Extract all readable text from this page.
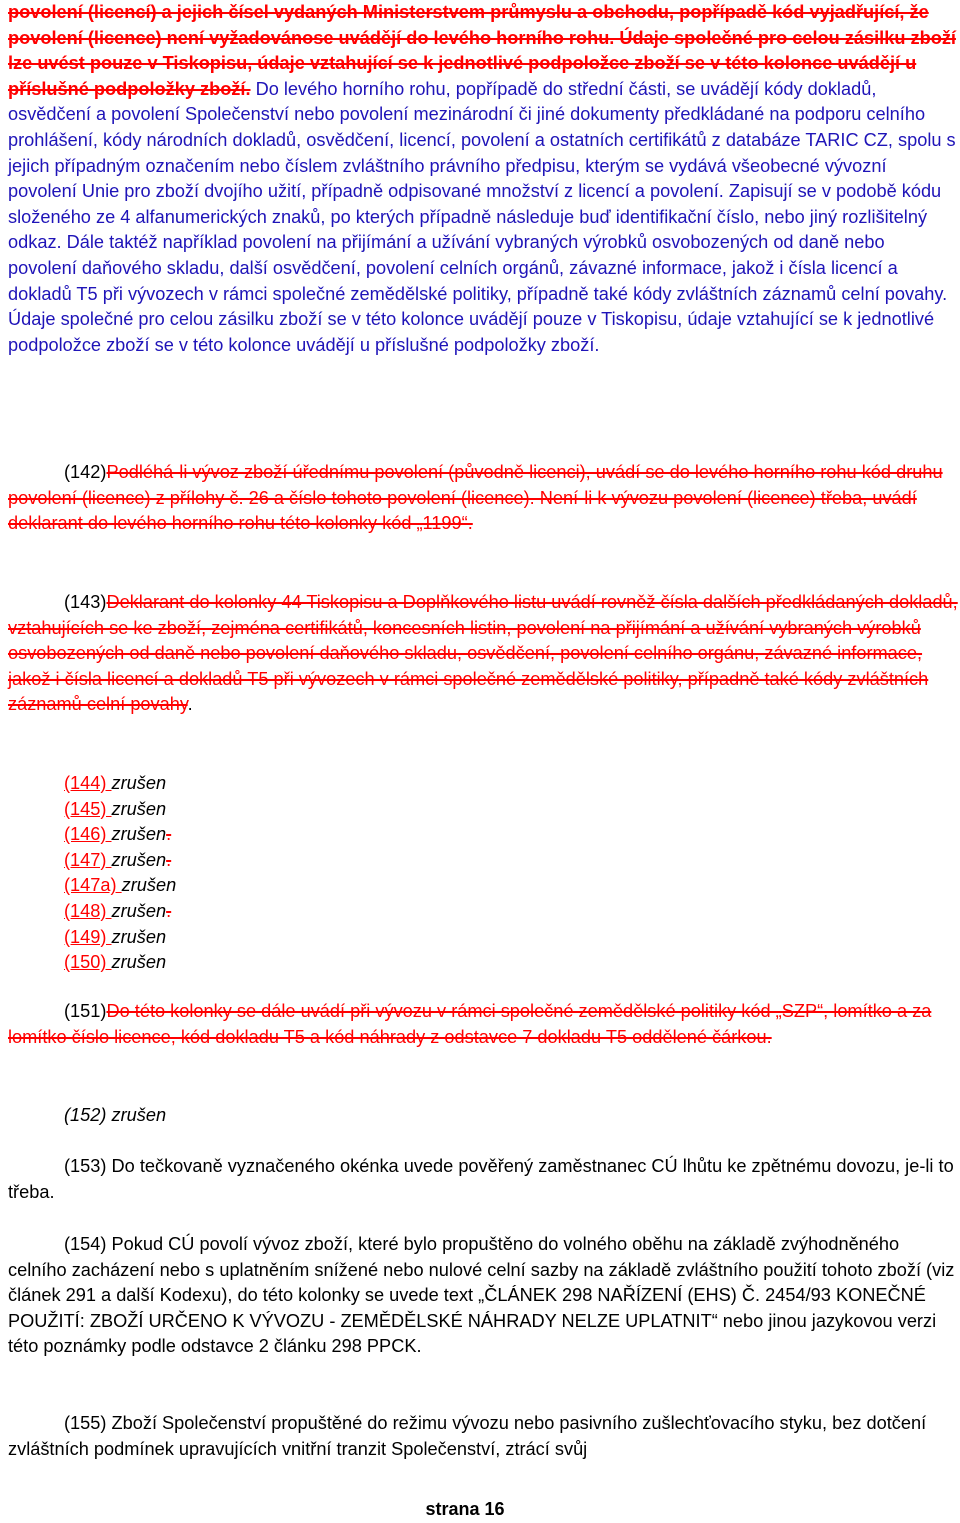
povolení (licencí) a jejich čísel vydaných Ministerstvem průmyslu a obchodu, popřípadě kód vyjadřující, že povolení (licence) není vyžadovánose uvádějí do levého horního rohu. Údaje společné pro celou zásilku zboží lze uvést pouze v Tiskopisu, údaje vztahující se k jednotlivé podpoložce zboží se v této kolonce uvádějí u příslušné podpoložky zboží. Do levého horního rohu, popřípadě do střední části, se uvádějí kódy dokladů, osvědčení a povolení Společenství nebo povolení mezinárodní či jiné dokumenty předkládané na podporu celního prohlášení, kódy národních dokladů, osvědčení, licencí, povolení a ostatních certifikátů z databáze TARIC CZ, spolu s jejich případným označením nebo číslem zvláštního právního předpisu, kterým se vydává všeobecné vývozní povolení Unie pro zboží dvojího užití, případně odpisované množství z licencí a povolení. Zapisují se v podobě kódu složeného ze 4 alfanumerických znaků, po kterých případně následuje buď identifikační číslo, nebo jiný rozlišitelný odkaz. Dále taktéž například povolení na přijímání a užívání vybraných výrobků osvobozených od daně nebo povolení daňového skladu, další osvědčení, povolení celních orgánů, závazné informace, jakož i čísla licencí a dokladů T5 při vývozech v rámci společné zemědělské politiky, případně také kódy zvláštních záznamů celní povahy. Údaje společné pro celou zásilku zboží se v této kolonce uvádějí pouze v Tiskopisu, údaje vztahující se k jednotlivé podpoložce zboží se v této kolonce uvádějí u příslušné podpoložky zboží.

(142)Podléhá-li vývoz zboží úřednímu povolení (původně licenci), uvádí se do levého horního rohu kód druhu povolení (licence) z přílohy č. 26 a číslo tohoto povolení (licence). Není-li k vývozu povolení (licence) třeba, uvádí deklarant do levého horního rohu této kolonky kód „1199“.

(143)Deklarant do kolonky 44 Tiskopisu a Doplňkového listu uvádí rovněž čísla dalších předkládaných dokladů, vztahujících se ke zboží, zejména certifikátů, koncesních listin, povolení na přijímání a užívání vybraných výrobků osvobozených od daně nebo povolení daňového skladu, osvědčení, povolení celního orgánu, závazné informace, jakož i čísla licencí a dokladů T5 při vývozech v rámci společné zemědělské politiky, případně také kódy zvláštních záznamů celní povahy.

(144) zrušen
(145) zrušen
(146) zrušen.
(147) zrušen.
(147a) zrušen
(148) zrušen.
(149) zrušen
(150) zrušen

(151)Do této kolonky se dále uvádí při vývozu v rámci společné zemědělské politiky kód „SZP“, lomítko a za lomítko číslo licence, kód dokladu T5 a kód náhrady z odstavce 7 dokladu T5 oddělené čárkou.

(152) zrušen

(153) Do tečkovaně vyznačeného okénka uvede pověřený zaměstnanec CÚ lhůtu ke zpětnému dovozu, je-li to třeba.

(154) Pokud CÚ povolí vývoz zboží, které bylo propuštěno do volného oběhu na základě zvýhodněného celního zacházení nebo s uplatněním snížené nebo nulové celní sazby na základě zvláštního použití tohoto zboží (viz článek 291 a další Kodexu), do této kolonky se uvede text „ČLÁNEK 298 NAŘÍZENÍ (EHS) Č. 2454/93 KONEČNÉ POUŽITÍ: ZBOŽÍ URČENO K VÝVOZU - ZEMĚDĚLSKÉ NÁHRADY NELZE UPLATNIT“ nebo jinou jazykovou verzi této poznámky podle odstavce 2 článku 298 PPCK.

(155) Zboží Společenství propuštěné do režimu vývozu nebo pasivního zušlechťovacího styku, bez dotčení zvláštních podmínek upravujících vnitřní tranzit Společenství, ztrácí svůj

strana 16
